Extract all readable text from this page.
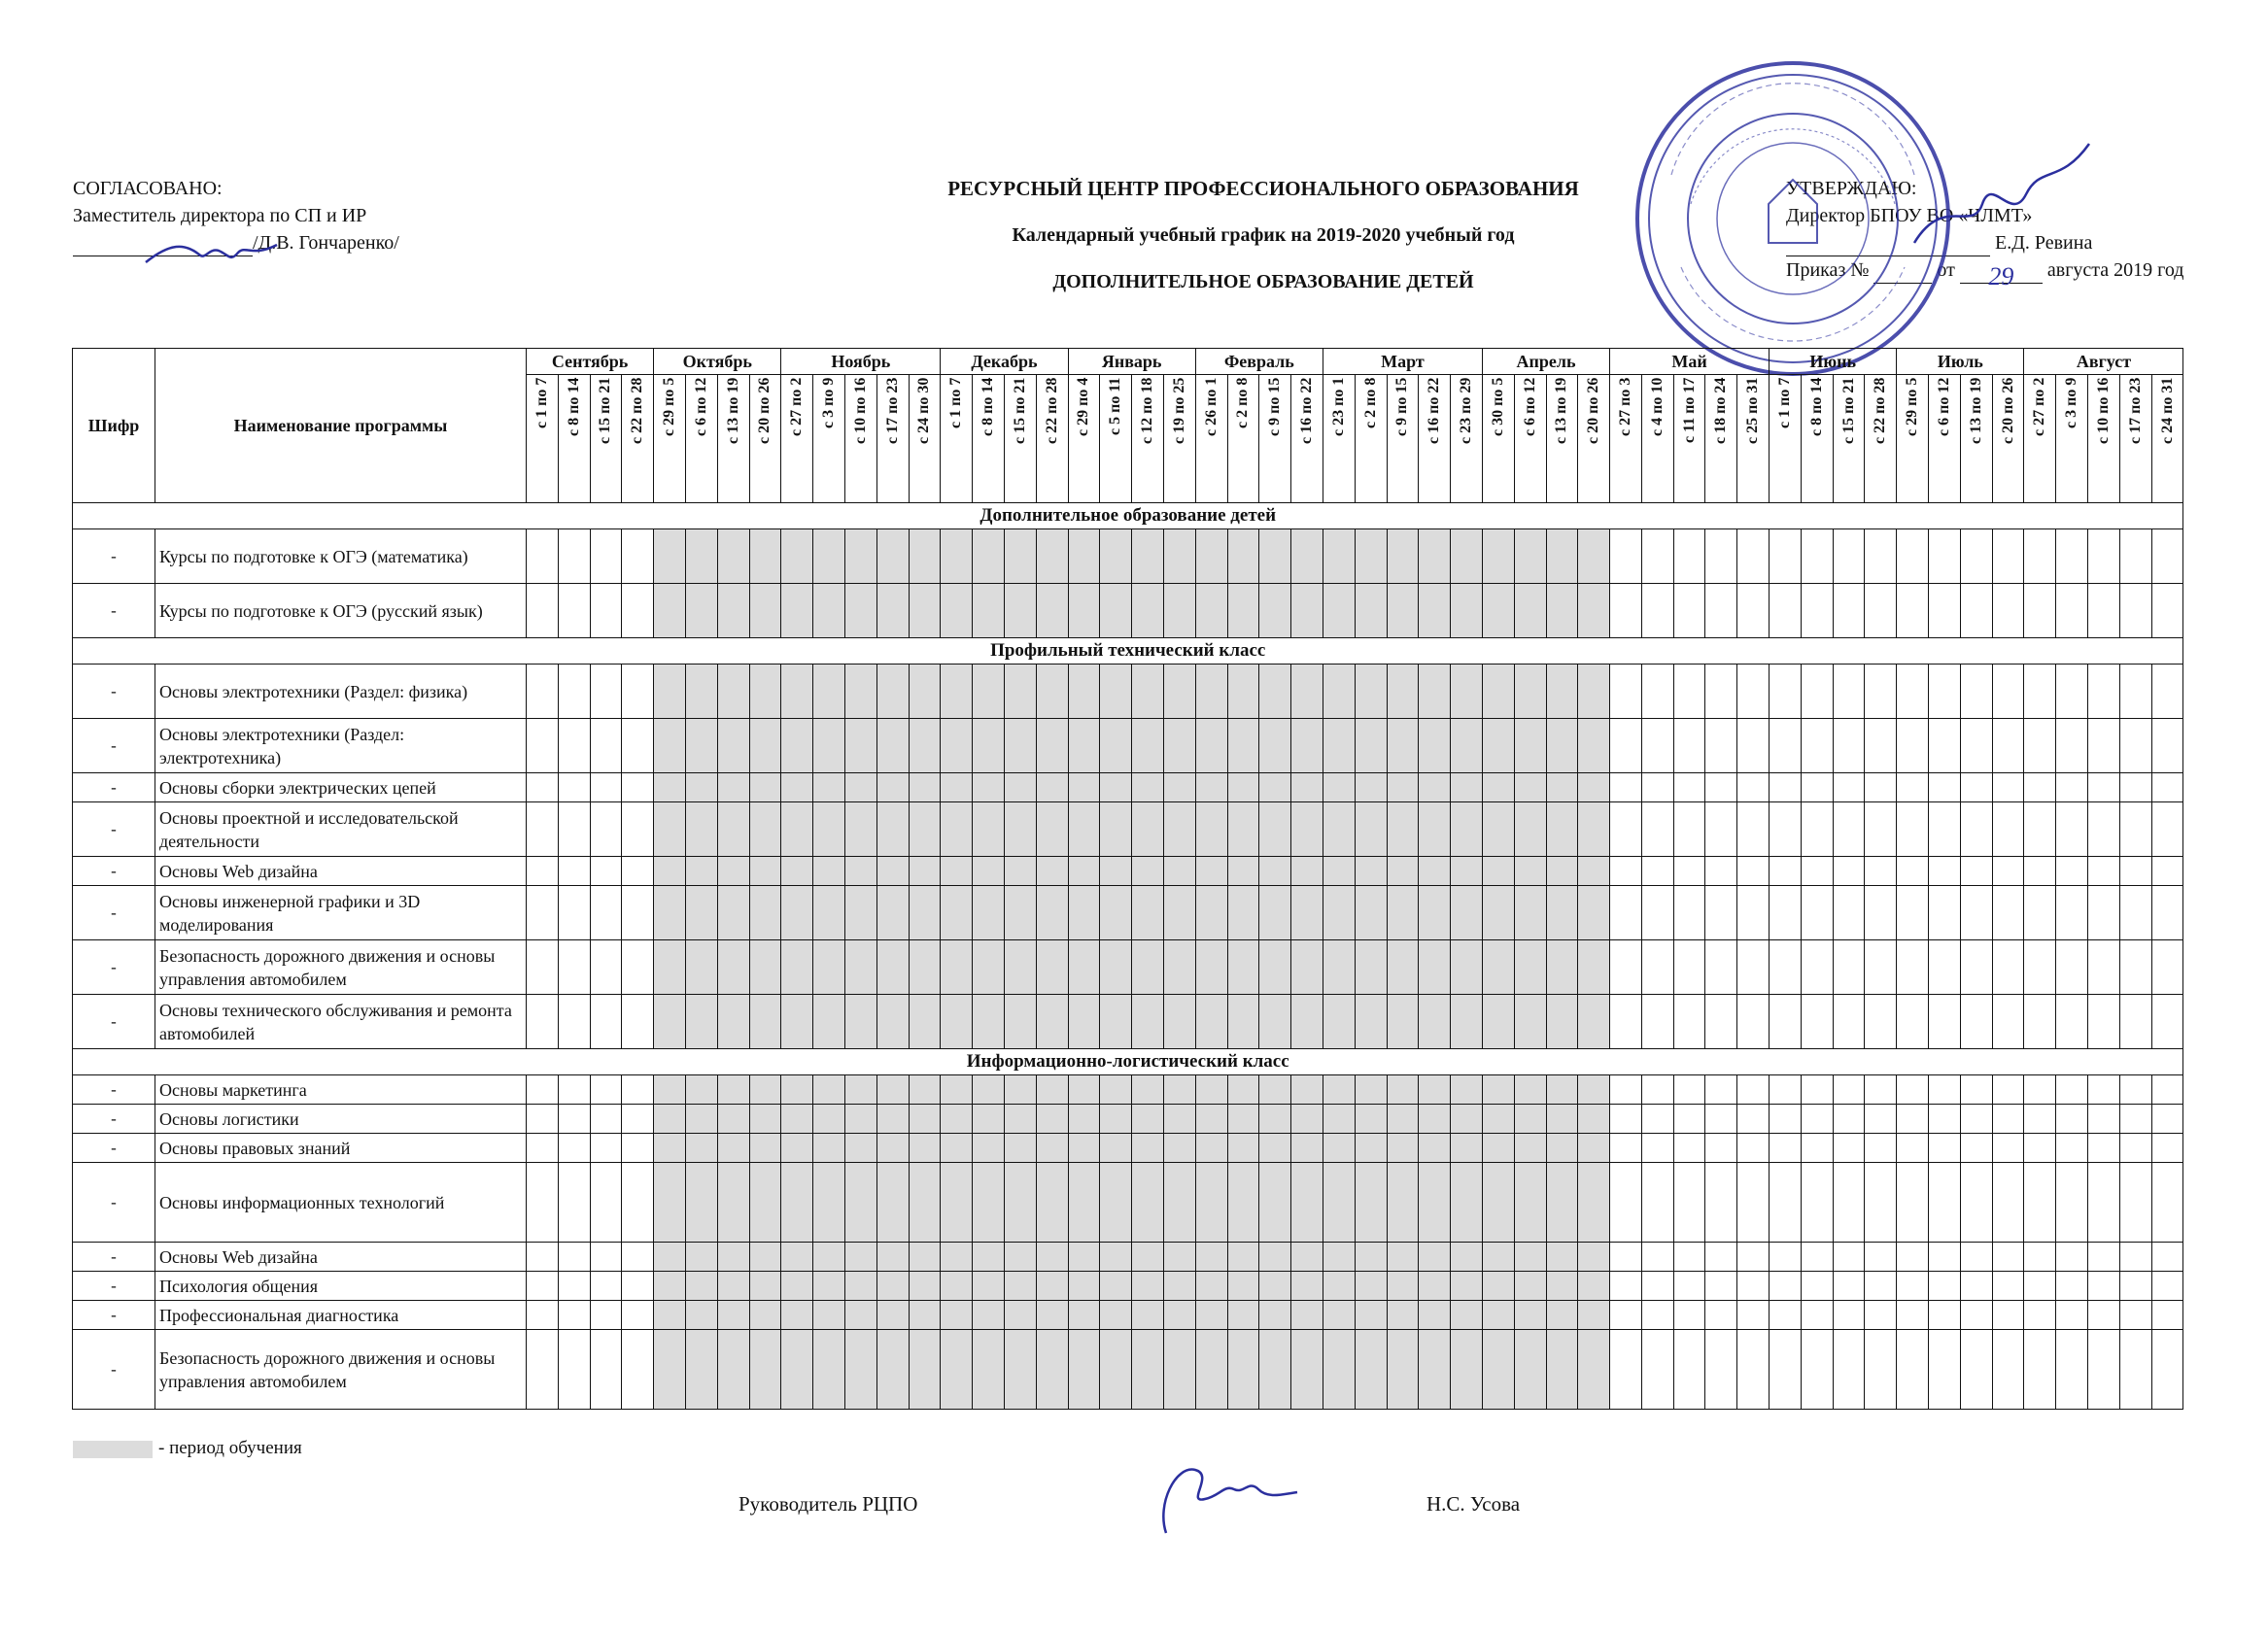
СОГЛАСОВАНО:
Заместитель директора по СП и ИР
/Д.В. Гончаренко/
РЕСУРСНЫЙ ЦЕНТР ПРОФЕССИОНАЛЬНОГО ОБРАЗОВАНИЯ
Календарный учебный график на 2019-2020 учебный год
ДОПОЛНИТЕЛЬНОЕ ОБРАЗОВАНИЕ ДЕТЕЙ
УТВЕРЖДАЮ:
Директор БПОУ ВО «ЧЛМТ»
Е.Д. Ревина
Приказ №	от 29 августа 2019 год
Шифр	Наименование программы	Сентябрь				Октябрь				Ноябрь					Декабрь				Январь				Февраль				Март					Апрель				Май					Июнь				Июль				Август				

		с 1 по 7	с 8 по 14	с 15 по 21	с 22 по 28	с 29 по 5	с 6 по 12	с 13 по 19	с 20 по 26	с 27 по 2	с 3 по 9	с 10 по 16	с 17 по 23	с 24 по 30	с 1 по 7	с 8 по 14	с 15 по 21	с 22 по 28	с 29 по 4	с 5 по 11	с 12 по 18	с 19 по 25	с 26 по 1	с 2 по 8	с 9 по 15	с 16 по 22	с 23 по 1	с 2 по 8	с 9 по 15	с 16 по 22	с 23 по 29	с 30 по 5	с 6 по 12	с 13 по 19	с 20 по 26	с 27 по 3	с 4 по 10	с 11 по 17	с 18 по 24	с 25 по 31	с 1 по 7	с 8 по 14	с 15 по 21	с 22 по 28	с 29 по 5	с 6 по 12	с 13 по 19	с 20 по 26	с 27 по 2	с 3 по 9	с 10 по 16	с 17 по 23	с 24 по 31

Дополнительное образование детей																																																					
-	Курсы по подготовке к ОГЭ (математика)																																																				
-	Курсы по подготовке к ОГЭ (русский язык)																																																				
Профильный технический класс																																																					
-	Основы электротехники (Раздел: физика)																																																				
-	Основы электротехники (Раздел: электротехника)																																																				
-	Основы сборки электрических цепей																																																				
-	Основы проектной и исследовательской деятельности																																																				
-	Основы Web дизайна																																																				
-	Основы инженерной графики и 3D моделирования																																																				
-	Безопасность дорожного движения и основы управления автомобилем																																																				
-	Основы технического обслуживания и ремонта автомобилей																																																				
Информационно-логистический класс																																																					
-	Основы маркетинга																																																				
-	Основы логистики																																																				
-	Основы правовых знаний																																																				
-	Основы информационных технологий																																																				
-	Основы Web дизайна																																																				
-	Психология общения																																																				
-	Профессиональная диагностика																																																				
-	Безопасность дорожного движения и основы управления автомобилем																																																				
- период обучения
Руководитель РЦПО	Н.С. Усова
